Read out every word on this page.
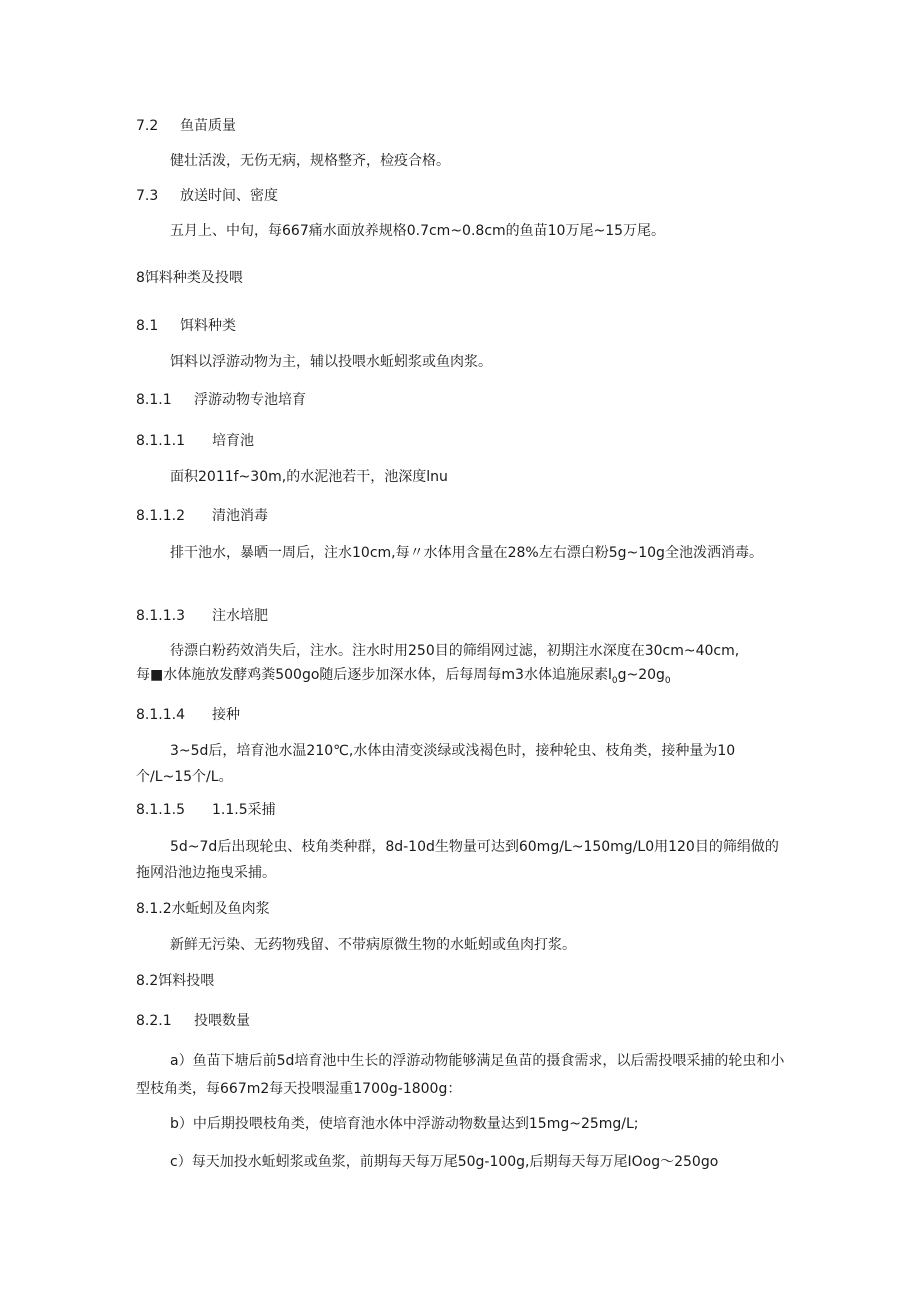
7.2 鱼苗质量
健壮活泼，无伤无病，规格整齐，检疫合格。
7.3 放送时间、密度
五月上、中旬，每667痛水面放养规格0.7cm~0.8cm的鱼苗10万尾~15万尾。
8饵料种类及投喂
8.1 饵料种类
饵料以浮游动物为主，辅以投喂水蚯蚓浆或鱼肉浆。
8.1.1 浮游动物专池培育
8.1.1.1 培育池
面积2011f~30m,的水泥池若干，池深度lnu
8.1.1.2 清池消毒
排干池水，暴晒一周后，注水10cm,每〃水体用含量在28%左右漂白粉5g~10g全池泼洒消毒。
8.1.1.3 注水培肥
待漂白粉药效消失后，注水。注水时用250目的筛绢网过滤，初期注水深度在30cm~40cm,
每■水体施放发酵鸡粪500go随后逐步加深水体，后每周每m3水体追施尿素$l_0g\sim 20g_0$
8.1.1.4 接种
3~5d后，培育池水温210℃,水体由清变淡绿或浅褐色时，接种轮虫、枝角类，接种量为10个/L~15个/L。
8.1.1.5 1.1.5采捕
5d~7d后出现轮虫、枝角类种群，8d-10d生物量可达到60mg/L~150mg/L0用120目的筛绢做的拖网沿池边拖曳采捕。
8.1.2水蚯蚓及鱼肉浆
新鲜无污染、无药物残留、不带病原微生物的水蚯蚓或鱼肉打浆。
8.2饵料投喂
8.2.1 投喂数量
a）鱼苗下塘后前5d培育池中生长的浮游动物能够满足鱼苗的摄食需求，以后需投喂采捕的轮虫和小型枝角类，每667m2每天投喂湿重1700g-1800g：
b）中后期投喂枝角类，使培育池水体中浮游动物数量达到15mg~25mg/L;
c）每天加投水蚯蚓浆或鱼浆，前期每天每万尾50g-100g,后期每天每万尾IOog～250go
